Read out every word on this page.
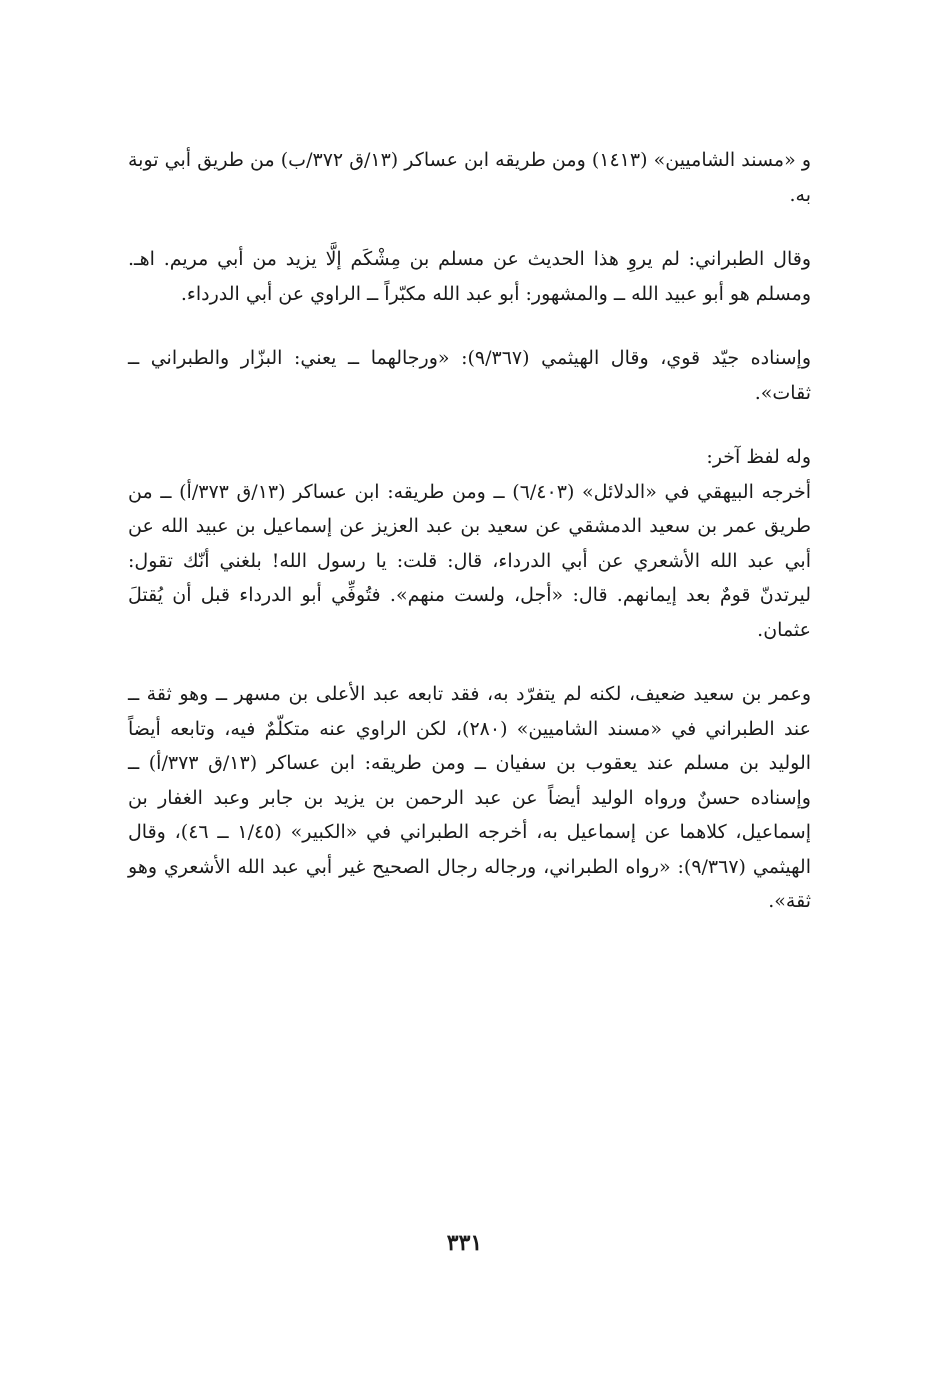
و «مسند الشاميين» (١٤١٣) ومن طريقه ابن عساكر (١٣/ق ٣٧٢/ب) من طريق أبي توبة به.

وقال الطبراني: لم يروِ هذا الحديث عن مسلم بن مِشْكَم إلَّا يزيد من أبي مريم. اهـ. ومسلم هو أبو عبيد الله ــ والمشهور: أبو عبد الله مكبّراً ــ الراوي عن أبي الدرداء.

وإسناده جيّد قوي، وقال الهيثمي (٩/٣٦٧): «ورجالهما ــ يعني: البزّار والطبراني ــ ثقات».

وله لفظ آخر:

أخرجه البيهقي في «الدلائل» (٦/٤٠٣) ــ ومن طريقه: ابن عساكر (١٣/ق ٣٧٣/أ) ــ من طريق عمر بن سعيد الدمشقي عن سعيد بن عبد العزيز عن إسماعيل بن عبيد الله عن أبي عبد الله الأشعري عن أبي الدرداء، قال: قلت: يا رسول الله! بلغني أنّك تقول: ليرتدنّ قومٌ بعد إيمانهم. قال: «أجل، ولست منهم». فتُوفِّي أبو الدرداء قبل أن يُقتلَ عثمان.

وعمر بن سعيد ضعيف، لكنه لم يتفرّد به، فقد تابعه عبد الأعلى بن مسهر ــ وهو ثقة ــ عند الطبراني في «مسند الشاميين» (٢٨٠)، لكن الراوي عنه متكلّمٌ فيه، وتابعه أيضاً الوليد بن مسلم عند يعقوب بن سفيان ــ ومن طريقه: ابن عساكر (١٣/ق ٣٧٣/أ) ــ وإسناده حسنٌ ورواه الوليد أيضاً عن عبد الرحمن بن يزيد بن جابر وعبد الغفار بن إسماعيل، كلاهما عن إسماعيل به، أخرجه الطبراني في «الكبير» (١/٤٥ ــ ٤٦)، وقال الهيثمي (٩/٣٦٧): «رواه الطبراني، ورجاله رجال الصحيح غير أبي عبد الله الأشعري وهو ثقة».

٣٣١
